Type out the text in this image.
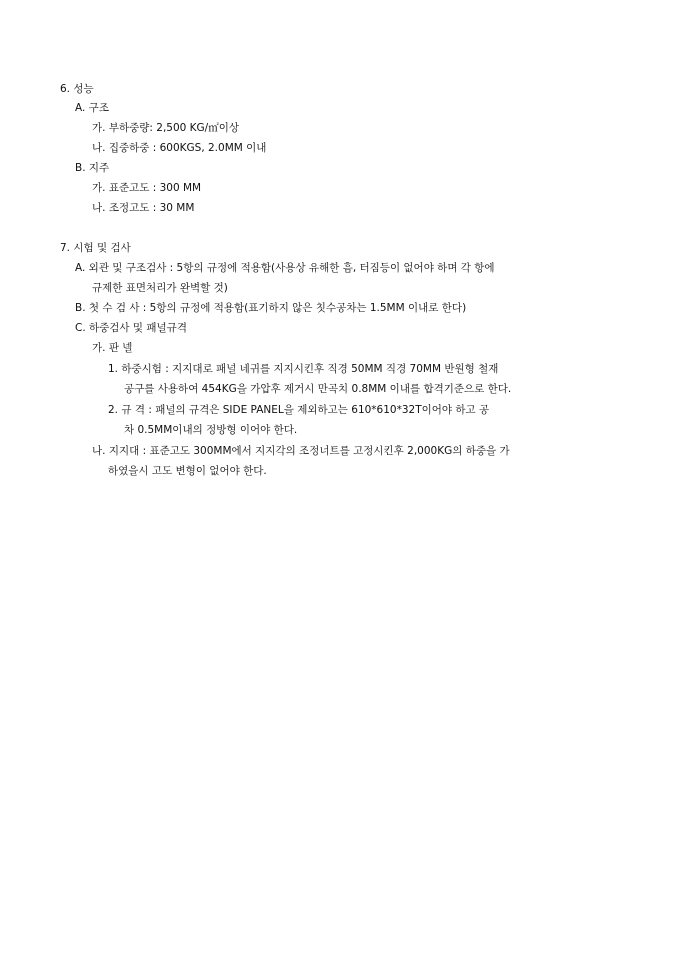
6. 성능
A. 구조
가. 부하중량: 2,500 KG/㎡이상
나. 집중하중 : 600KGS, 2.0MM 이내
B. 지주
가. 표준고도 : 300 MM
나. 조정고도 : 30 MM
7. 시험 및 검사
A. 외관 및 구조검사 : 5항의 규정에 적용함(사용상 유해한 흠, 터짐등이 없어야 하며 각 항에
규제한 표면처리가 완벽할 것)
B. 첫 수 검 사 : 5항의 규정에 적용함(표기하지 않은 칫수공차는 1.5MM 이내로 한다)
C. 하중검사 및 패널규격
가. 판 넬
1. 하중시험 : 지지대로 패널 네귀를 지지시킨후 직경 50MM 직경 70MM 반원형 철재
공구를 사용하여 454KG을 가압후 제거시 만곡치 0.8MM 이내를 합격기준으로 한다.
2. 규 격 : 패널의 규격은 SIDE PANEL을 제외하고는 610*610*32T이어야 하고 공
차 0.5MM이내의 정방형 이어야 한다.
나. 지지대 : 표준고도 300MM에서 지지각의 조정너트를 고정시킨후 2,000KG의 하중을 가
하였을시 고도 변형이 없어야 한다.
